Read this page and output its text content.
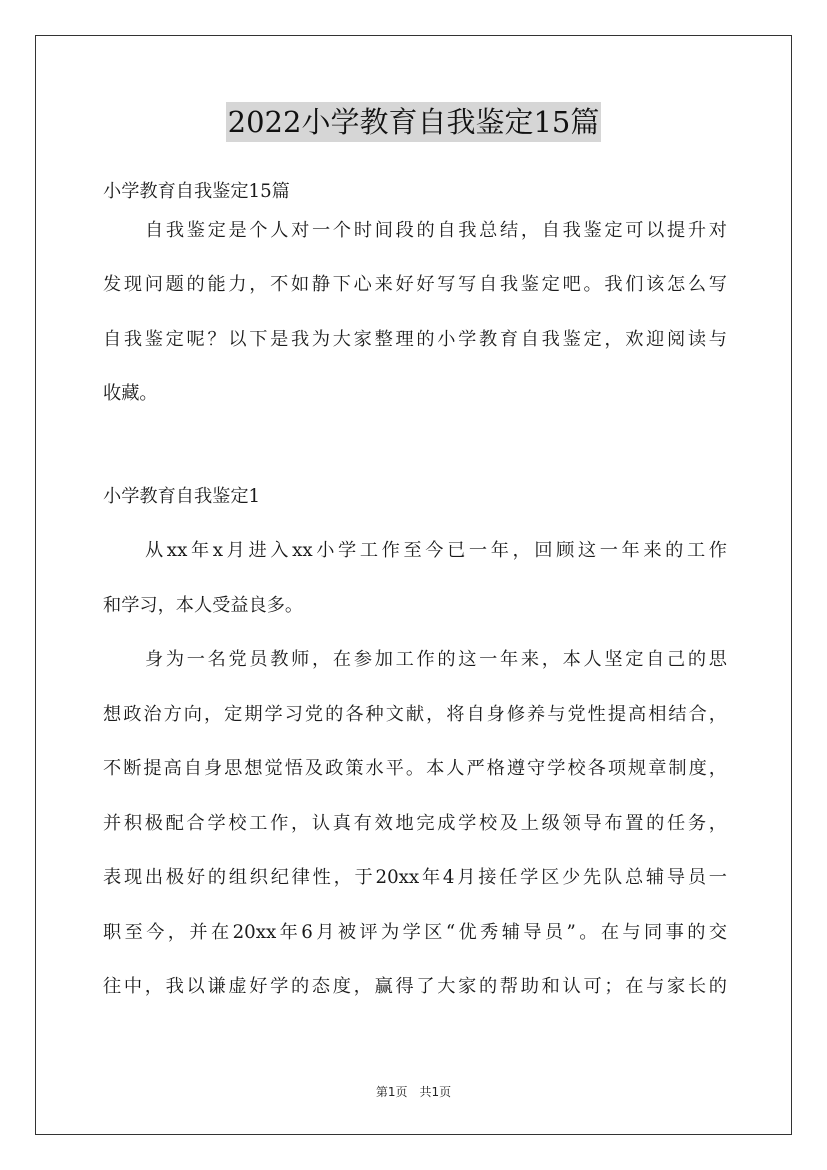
2022小学教育自我鉴定15篇
小学教育自我鉴定15篇
自我鉴定是个人对一个时间段的自我总结，自我鉴定可以提升对
发现问题的能力，不如静下心来好好写写自我鉴定吧。我们该怎么写
自我鉴定呢？以下是我为大家整理的小学教育自我鉴定，欢迎阅读与
收藏。
小学教育自我鉴定1
从xx年x月进入xx小学工作至今已一年，回顾这一年来的工作
和学习，本人受益良多。
身为一名党员教师，在参加工作的这一年来，本人坚定自己的思
想政治方向，定期学习党的各种文献，将自身修养与党性提高相结合，
不断提高自身思想觉悟及政策水平。本人严格遵守学校各项规章制度，
并积极配合学校工作，认真有效地完成学校及上级领导布置的任务，
表现出极好的组织纪律性，于20xx年4月接任学区少先队总辅导员一
职至今，并在20xx年6月被评为学区“优秀辅导员”。在与同事的交
往中，我以谦虚好学的态度，赢得了大家的帮助和认可；在与家长的
第1页　共1页
